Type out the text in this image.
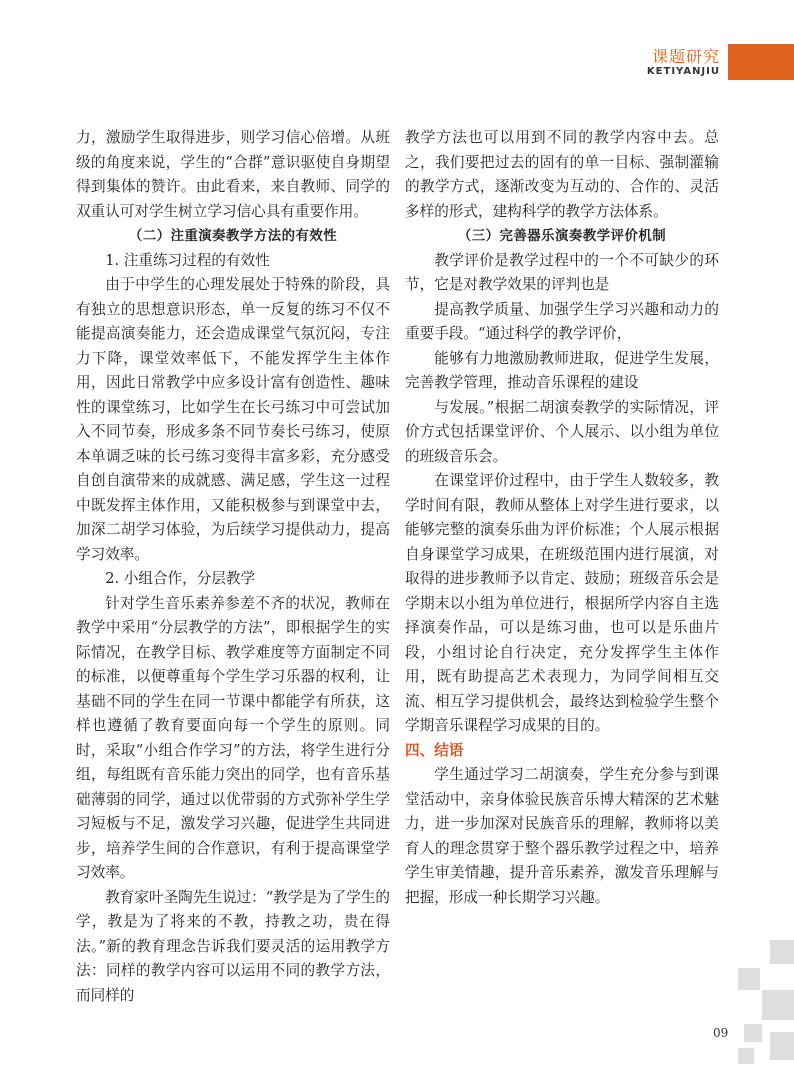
课题研究
KETIYANJIU

力，激励学生取得进步，则学习信心倍增。从班级的角度来说，学生的“合群”意识驱使自身期望得到集体的赞许。由此看来，来自教师、同学的双重认可对学生树立学习信心具有重要作用。

（二）注重演奏教学方法的有效性

1. 注重练习过程的有效性

由于中学生的心理发展处于特殊的阶段，具有独立的思想意识形态，单一反复的练习不仅不能提高演奏能力，还会造成课堂气氛沉闷，专注力下降，课堂效率低下，不能发挥学生主体作用，因此日常教学中应多设计富有创造性、趣味性的课堂练习，比如学生在长弓练习中可尝试加入不同节奏，形成多条不同节奏长弓练习，使原本单调乏味的长弓练习变得丰富多彩，充分感受自创自演带来的成就感、满足感，学生这一过程中既发挥主体作用，又能积极参与到课堂中去，加深二胡学习体验，为后续学习提供动力，提高学习效率。

2. 小组合作，分层教学

针对学生音乐素养参差不齐的状况，教师在教学中采用“分层教学的方法”，即根据学生的实际情况，在教学目标、教学难度等方面制定不同的标准，以便尊重每个学生学习乐器的权利，让基础不同的学生在同一节课中都能学有所获，这样也遵循了教育要面向每一个学生的原则。同时，采取“小组合作学习”的方法，将学生进行分组，每组既有音乐能力突出的同学，也有音乐基础薄弱的同学，通过以优带弱的方式弥补学生学习短板与不足，激发学习兴趣，促进学生共同进步，培养学生间的合作意识，有利于提高课堂学习效率。

教育家叶圣陶先生说过：“教学是为了学生的学，教是为了将来的不教，持教之功，贵在得法。”新的教育理念告诉我们要灵活的运用教学方法：同样的教学内容可以运用不同的教学方法，而同样的

教学方法也可以用到不同的教学内容中去。总之，我们要把过去的固有的单一目标、强制灌输的教学方式，逐渐改变为互动的、合作的、灵活多样的形式，建构科学的教学方法体系。

（三）完善器乐演奏教学评价机制

教学评价是教学过程中的一个不可缺少的环节，它是对教学效果的评判也是

提高教学质量、加强学生学习兴趣和动力的重要手段。“通过科学的教学评价，

能够有力地激励教师进取，促进学生发展，完善教学管理，推动音乐课程的建设

与发展。”根据二胡演奏教学的实际情况，评价方式包括课堂评价、个人展示、以小组为单位的班级音乐会。

在课堂评价过程中，由于学生人数较多，教学时间有限，教师从整体上对学生进行要求，以能够完整的演奏乐曲为评价标准；个人展示根据自身课堂学习成果，在班级范围内进行展演，对取得的进步教师予以肯定、鼓励；班级音乐会是学期末以小组为单位进行，根据所学内容自主选择演奏作品，可以是练习曲，也可以是乐曲片段，小组讨论自行决定，充分发挥学生主体作用，既有助提高艺术表现力，为同学间相互交流、相互学习提供机会，最终达到检验学生整个学期音乐课程学习成果的目的。

四、结语

学生通过学习二胡演奏，学生充分参与到课堂活动中，亲身体验民族音乐博大精深的艺术魅力，进一步加深对民族音乐的理解，教师将以美育人的理念贯穿于整个器乐教学过程之中，培养学生审美情趣，提升音乐素养，激发音乐理解与把握，形成一种长期学习兴趣。

09
